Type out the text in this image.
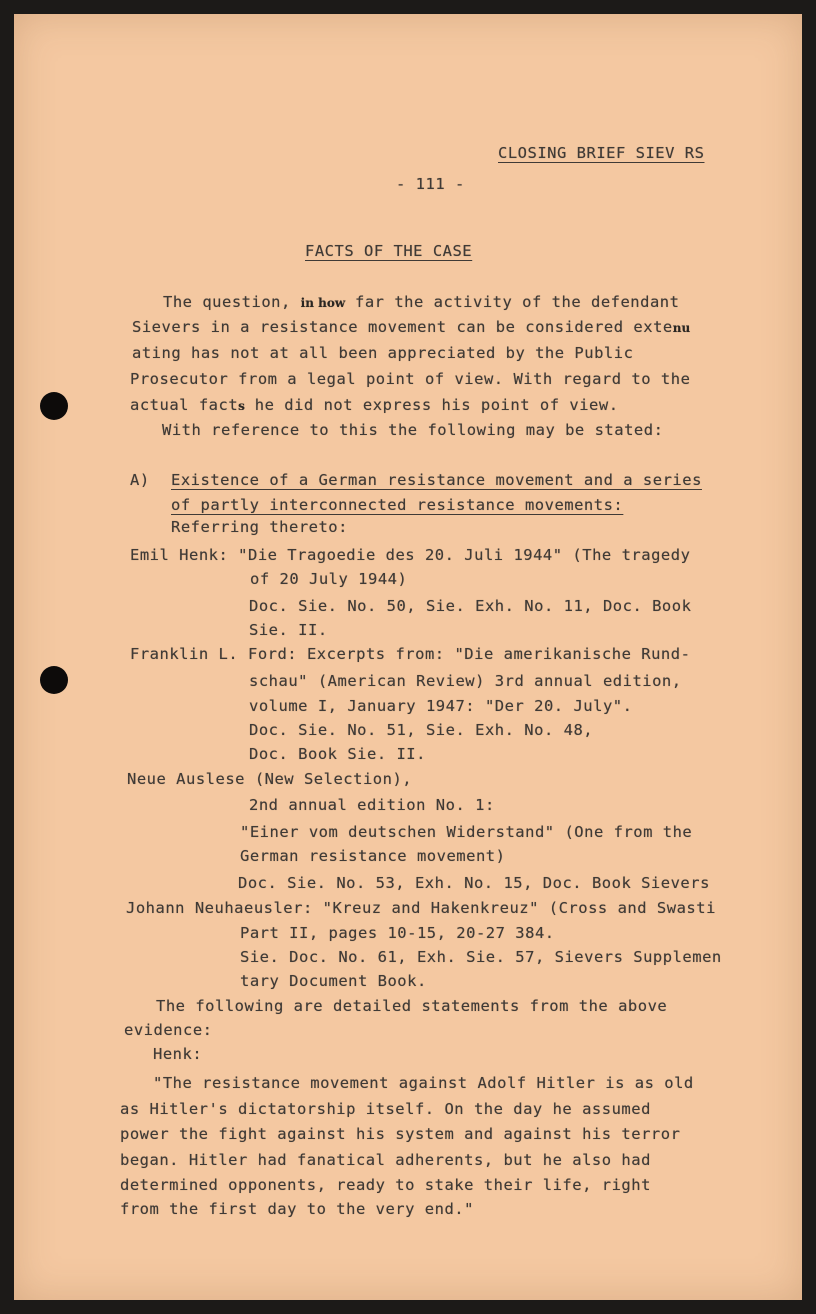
CLOSING BRIEF SIEV RS
- 111 -
FACTS OF THE CASE
The question, in how far the activity of the defendant
Sievers in a resistance movement can be considered extenu
ating has not at all been appreciated by the Public
Prosecutor from a legal point of view. With regard to the
actual facts he did not express his point of view.
With reference to this the following may be stated:
A) Existence of a German resistance movement and a series
of partly interconnected resistance movements:
Referring thereto:
Emil Henk: "Die Tragoedie des 20. Juli 1944" (The tragedy
of 20 July 1944)
Doc. Sie. No. 50, Sie. Exh. No. 11, Doc. Book
Sie. II.
Franklin L. Ford: Excerpts from: "Die amerikanische Rund-
schau" (American Review) 3rd annual edition,
volume I, January 1947: "Der 20. July".
Doc. Sie. No. 51, Sie. Exh. No. 48,
Doc. Book Sie. II.
Neue Auslese (New Selection),
2nd annual edition No. 1:
"Einer vom deutschen Widerstand" (One from the
German resistance movement)
Doc. Sie. No. 53, Exh. No. 15, Doc. Book Sievers
Johann Neuhaeusler: "Kreuz and Hakenkreuz" (Cross and Swasti
Part II, pages 10-15, 20-27 384.
Sie. Doc. No. 61, Exh. Sie. 57, Sievers Supplemen
tary Document Book.
The following are detailed statements from the above
evidence:
Henk:
"The resistance movement against Adolf Hitler is as old
as Hitler's dictatorship itself. On the day he assumed
power the fight against his system and against his terror
began. Hitler had fanatical adherents, but he also had
determined opponents, ready to stake their life, right
from the first day to the very end."
